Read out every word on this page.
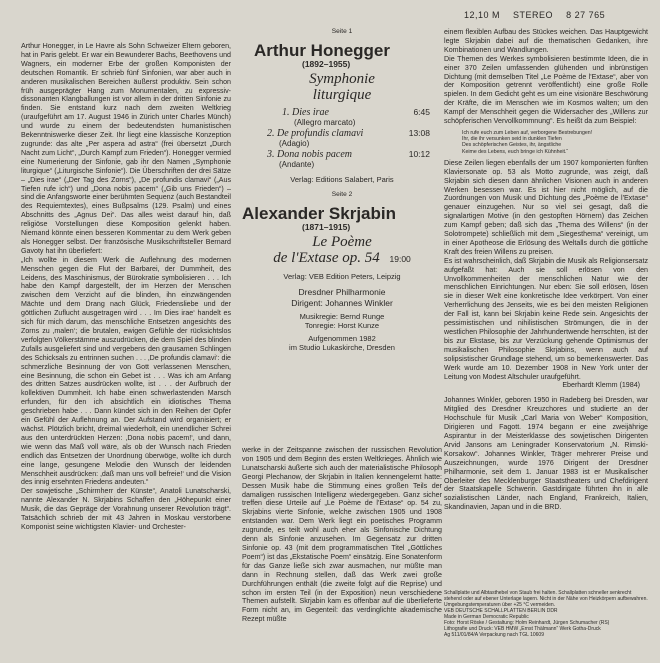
12,10 M STEREO 8 27 765

Arthur Honegger, in Le Havre als Sohn Schweizer Eltern geboren, hat in Paris gelebt. Er war ein Bewunderer Bachs, Beethovens und Wagners, ein moderner Erbe der großen Komponisten der deutschen Romantik. Er schrieb fünf Sinfonien, war aber auch in anderen musikalischen Bereichen äußerst produktiv. Sein schon früh ausgeprägter Hang zum Monumentalen, zu expressiv-dissonanten Klangballungen ist vor allem in der dritten Sinfonie zu finden. Sie entstand kurz nach dem zweiten Weltkrieg (uraufgeführt am 17. August 1946 in Zürich unter Charles Münch) und wurde zu einem der bedeutendsten humanistischen Bekenntniswerke dieser Zeit. Ihr liegt eine klassische Konzeption zugrunde: das alte „Per aspera ad astra“ (frei übersetzt „Durch Nacht zum Licht“, „Durch Kampf zum Frieden“). Honegger vermied eine Numerierung der Sinfonie, gab ihr den Namen „Symphonie liturgique“ („Liturgische Sinfonie“). Die Überschriften der drei Sätze – „Dies irae“ („Der Tag des Zorns“), „De profundis clamavi“ („Aus Tiefen rufe ich“) und „Dona nobis pacem“ („Gib uns Frieden“) – sind die Anfangsworte einer berühmten Sequenz (auch Bestandteil des Requiemtextes), eines Bußpsalms (129. Psalm) und eines Abschnitts des „Agnus Dei“. Das alles weist darauf hin, daß religiöse Vorstellungen diese Komposition gelenkt haben. Niemand könnte einen besseren Kommentar zu dem Werk geben als Honegger selbst. Der französische Musikschriftsteller Bernard Gavoty hat ihn überliefert:
„Ich wollte in diesem Werk die Auflehnung des modernen Menschen gegen die Flut der Barbarei, der Dummheit, des Leidens, des Maschinismus, der Bürokratie symbolisieren . . . Ich habe den Kampf dargestellt, der im Herzen der Menschen zwischen dem Verzicht auf die blinden, ihn einzwängenden Mächte und dem Drang nach Glück, Friedensliebe und der göttlichen Zuflucht ausgetragen wird . . . Im Dies irae‘ handelt es sich für mich darum, das menschliche Entsetzen angesichts des Zorns zu ‚malen‘; die brutalen, ewigen Gefühle der rücksichtslos verfolgten Völkerstämme auszudrücken, die dem Spiel des blinden Zufalls ausgeliefert sind und vergebens den grausamen Schlingen des Schicksals zu entrinnen suchen . . . ‚De profundis clamavi‘: die schmerzliche Besinnung der von Gott verlassenen Menschen, eine Besinnung, die schon ein Gebet ist . . . Was ich am Anfang des dritten Satzes ausdrücken wollte, ist . . . der Aufbruch der kollektiven Dummheit. Ich habe einen schwerlastenden Marsch erfunden, für den ich absichtlich ein idiotisches Thema geschrieben habe . . . Dann kündet sich in den Reihen der Opfer ein Gefühl der Auflehnung an. Der Aufstand wird organisiert; er wächst. Plötzlich bricht, dreimal wiederholt, ein unendlicher Schrei aus den unterdrückten Herzen: ‚Dona nobis pacem!‘, und dann, wie wenn das Maß voll wäre, als ob der Wunsch nach Frieden endlich das Entsetzen der Unordnung überwöge, wollte ich durch eine lange, gesungene Melodie den Wunsch der leidenden Menschheit ausdrücken: ‚daß man uns voll befreie!‘ und die Vision des innig ersehnten Friedens andeuten.“
Der sowjetische „Schirmherr der Künste“, Anatoli Lunatscharski, nannte Alexander N. Skrjabins Schaffen den „Höhepunkt einer Musik, die das Gepräge der Vorahnung unserer Revolution trägt“. Tatsächlich schrieb der mit 43 Jahren in Moskau verstorbene Komponist seine wichtigsten Klavier- und Orchester-

Seite 1
Arthur Honegger
(1892–1955)
Symphonie
liturgique
1. Dies irae	6:45
(Allegro marcato)
2. De profundis clamavi	13:08
(Adagio)
3. Dona nobis pacem	10:12
(Andante)
Verlag: Editions Salabert, Paris
Seite 2
Alexander Skrjabin
(1871–1915)
Le Poème
de l'Extase op. 54 19:00
Verlag: VEB Edition Peters, Leipzig
Dresdner Philharmonie
Dirigent: Johannes Winkler
Musikregie: Bernd Runge
Tonregie: Horst Kunze
Aufgenommen 1982
im Studio Lukaskirche, Dresden

werke in der Zeitspanne zwischen der russischen Revolution von 1905 und dem Beginn des ersten Weltkrieges. Ähnlich wie Lunatscharski äußerte sich auch der materialistische Philosoph Georgi Plechanow, der Skrjabin in Italien kennengelernt hatte: Dessen Musik habe die Stimmung eines großen Teils der damaligen russischen Intelligenz wiedergegeben. Ganz sicher treffen diese Urteile auf „Le Poème de l'Extase“ op. 54 zu, Skrjabins vierte Sinfonie, welche zwischen 1905 und 1908 entstanden war. Dem Werk liegt ein poetisches Programm zugrunde, es teilt wohl auch eher als Sinfonische Dichtung denn als Sinfonie anzusehen. Im Gegensatz zur dritten Sinfonie op. 43 (mit dem programmatischen Titel „Göttliches Poem“) ist das „Ekstatische Poem“ einsätzig. Eine Sonatenform für das Ganze ließe sich zwar ausmachen, nur müßte man dann in Rechnung stellen, daß das Werk zwei große Durchführungen enthält (die zweite folgt auf die Reprise) und schon im ersten Teil (in der Exposition) neun verschiedene Themen aufstellt. Skrjabin kam es offenbar auf die überlieferte Form nicht an, im Gegenteil: das verdinglichte akademische Rezept müßte

einem flexiblen Aufbau des Stückes weichen. Das Hauptgewicht legte Skrjabin dabei auf die thematischen Gedanken, ihre Kombinationen und Wandlungen.
Die Themen des Werkes symbolisieren bestimmte Ideen, die in einer 370 Zeilen umfassenden glühenden und inbrünstigen Dichtung (mit demselben Titel „Le Poème de l'Extase“, aber von der Komposition getrennt veröffentlicht) eine große Rolle spielen. In dem Gedicht geht es um eine visionäre Beschwörung der Kräfte, die im Menschen wie im Kosmos walten; um den Kampf der Menschheit gegen die Widersacher des „Willens zur schöpferischen Vervollkommnung“. Es heißt da zum Beispiel:

Ich rufe euch zum Leben auf, verborgene Bestrebungen!
Ihr, die ihr versunken seid in dunklen Tiefen
Des schöpferischen Geistes, ihr, ängstliche
Keime des Lebens, euch bringe ich Kühnheit.“

Diese Zeilen liegen ebenfalls der um 1907 komponierten fünften Klaviersonate op. 53 als Motto zugrunde, was zeigt, daß Skrjabin sich diesen dann ähnlichen Visionen auch in anderen Werken besessen war. Es ist hier nicht möglich, auf die Zuordnungen von Musik und Dichtung des „Poème de l'Extase“ genauer einzugehen. Nur so viel sei gesagt, daß die signalartigen Motive (in den gestopften Hörnern) das Zeichen zum Kampf geben; daß sich das „Thema des Willens“ (in der Solotrompete) schließlich mit dem „Siegesthema“ vereinigt, um in einer Apotheose die Erlösung des Weltalls durch die göttliche Kraft des freien Willens zu preisen.
Es ist wahrscheinlich, daß Skrjabin die Musik als Religionsersatz aufgefaßt hat: Auch sie soll erlösen von den Unvollkommenheiten der menschlichen Natur wie der menschlichen Einrichtungen. Nur eben: Sie soll erlösen, lösen sie in dieser Welt eine konkretische Idee verkörpert. Von einer Verherrlichung des Jenseits, wie es bei den meisten Religionen der Fall ist, kann bei Skrjabin keine Rede sein. Angesichts der pessimistischen und nihilistischen Strömungen, die in der westlichen Philosophie der Jahrhundertwende herrschten, ist der bis zur Ekstase, bis zur Verzückung gehende Optimismus der musikalischen Philosophie Skrjabins, wenn auch auf solipsistischer Grundlage stehend, um so bemerkenswerter. Das Werk wurde am 10. Dezember 1908 in New York unter der Leitung von Modest Altschuler uraufgeführt.

Eberhardt Klemm (1984)

Johannes Winkler, geboren 1950 in Radeberg bei Dresden, war Mitglied des Dresdner Kreuzchores und studierte an der Hochschule für Musik „Carl Maria von Weber“ Komposition, Dirigieren und Fagott. 1974 begann er eine zweijährige Aspirantur in der Meisterklasse des sowjetischen Dirigenten Arvid Jansons am Leningrader Konservatorium „N. Rimski-Korsakow“. Johannes Winkler, Träger mehrerer Preise und Auszeichnungen, wurde 1976 Dirigent der Dresdner Philharmonie, seit dem 1. Januar 1983 ist er Musikalischer Oberleiter des Mecklenburger Staatstheaters und Chefdirigent der Staatskapelle Schwerin. Gastdirigate führten ihn in alle sozialistischen Länder, nach England, Frankreich, Italien, Skandinavien, Japan und in die BRD.

Schallplatte und Albtasthebel von Staub frei halten. Schallplatten schneller senkrecht stehend oder auf ebener Unterlage lagern. Nicht in der Nähe von Heizkörpern aufbewahren. Umgebungstemperaturen über +25 °C vermeiden.
VEB DEUTSCHE SCHALLPLATTEN BERLIN DDR
Made in German Democratic Republic
Foto: Horst Röske / Gestaltung: Holm Reinhardt, Jürgen Schumacher (RS)
Lithografie und Druck: VEB HMW „Ernst Thälmann“ Werk Gotha-Druck
Ag 511/01/84/A Verpackung nach TGL 10609
